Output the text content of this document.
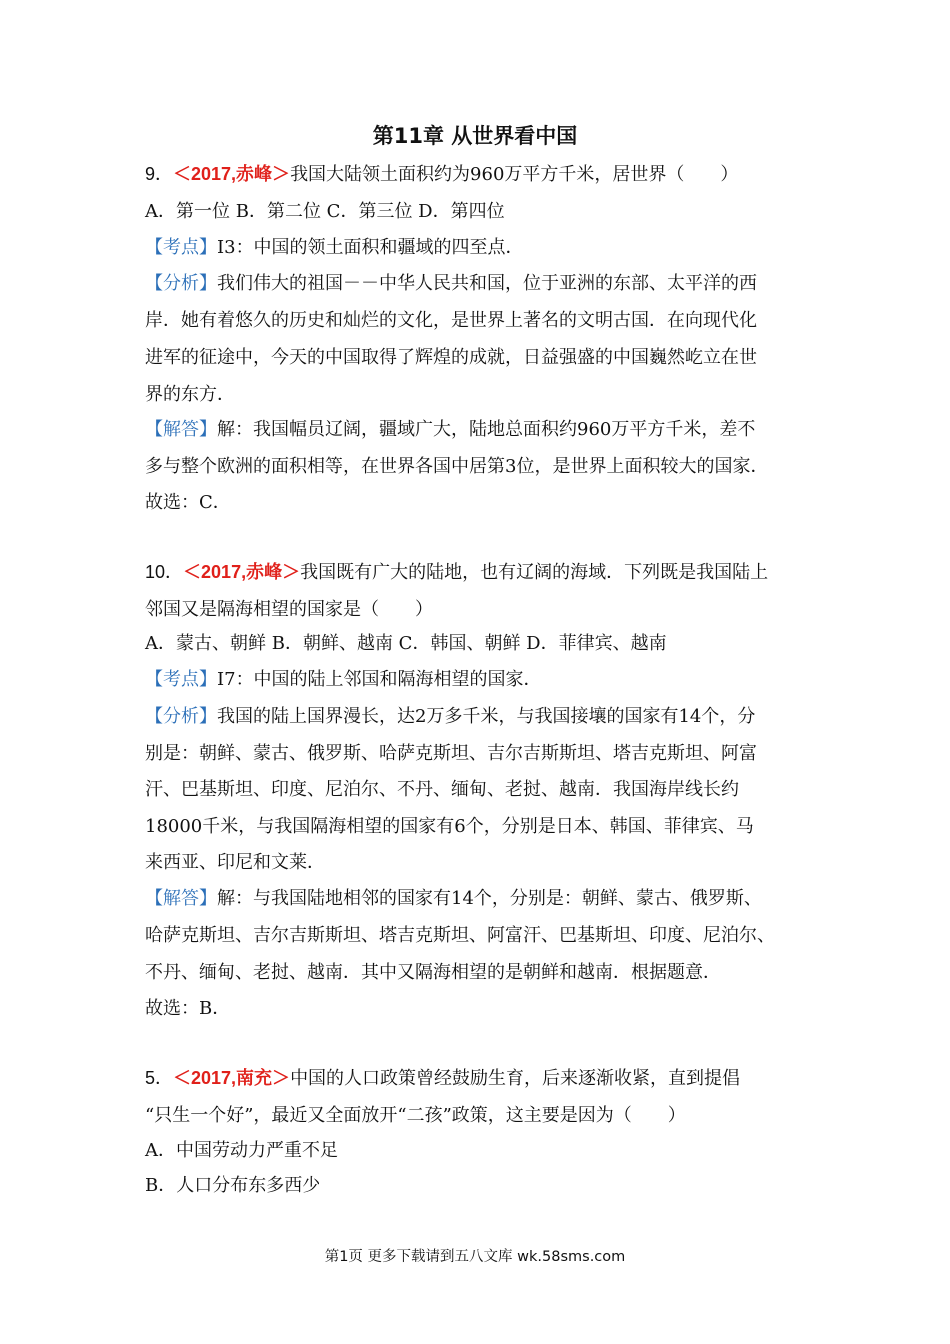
第11章 从世界看中国
9．＜2017,赤峰＞我国大陆领土面积约为960万平方千米，居世界（　　）
A．第一位 B．第二位 C．第三位 D．第四位
【考点】I3：中国的领土面积和疆域的四至点．
【分析】我们伟大的祖国－－中华人民共和国，位于亚洲的东部、太平洋的西
岸．她有着悠久的历史和灿烂的文化，是世界上著名的文明古国．在向现代化
进军的征途中，今天的中国取得了辉煌的成就，日益强盛的中国巍然屹立在世
界的东方．
【解答】解：我国幅员辽阔，疆域广大，陆地总面积约960万平方千米，差不
多与整个欧洲的面积相等，在世界各国中居第3位，是世界上面积较大的国家．
故选：C．
10．＜2017,赤峰＞我国既有广大的陆地，也有辽阔的海域．下列既是我国陆上
邻国又是隔海相望的国家是（　　）
A．蒙古、朝鲜 B．朝鲜、越南 C．韩国、朝鲜 D．菲律宾、越南
【考点】I7：中国的陆上邻国和隔海相望的国家．
【分析】我国的陆上国界漫长，达2万多千米，与我国接壤的国家有14个，分
别是：朝鲜、蒙古、俄罗斯、哈萨克斯坦、吉尔吉斯斯坦、塔吉克斯坦、阿富
汗、巴基斯坦、印度、尼泊尔、不丹、缅甸、老挝、越南．我国海岸线长约
18000千米，与我国隔海相望的国家有6个，分别是日本、韩国、菲律宾、马
来西亚、印尼和文莱．
【解答】解：与我国陆地相邻的国家有14个，分别是：朝鲜、蒙古、俄罗斯、
哈萨克斯坦、吉尔吉斯斯坦、塔吉克斯坦、阿富汗、巴基斯坦、印度、尼泊尔、
不丹、缅甸、老挝、越南．其中又隔海相望的是朝鲜和越南．根据题意．
故选：B．
5．＜2017,南充＞中国的人口政策曾经鼓励生育，后来逐渐收紧，直到提倡
“只生一个好”，最近又全面放开“二孩”政策，这主要是因为（　　）
A．中国劳动力严重不足
B．人口分布东多西少
第1页 更多下载请到五八文库 wk.58sms.com
